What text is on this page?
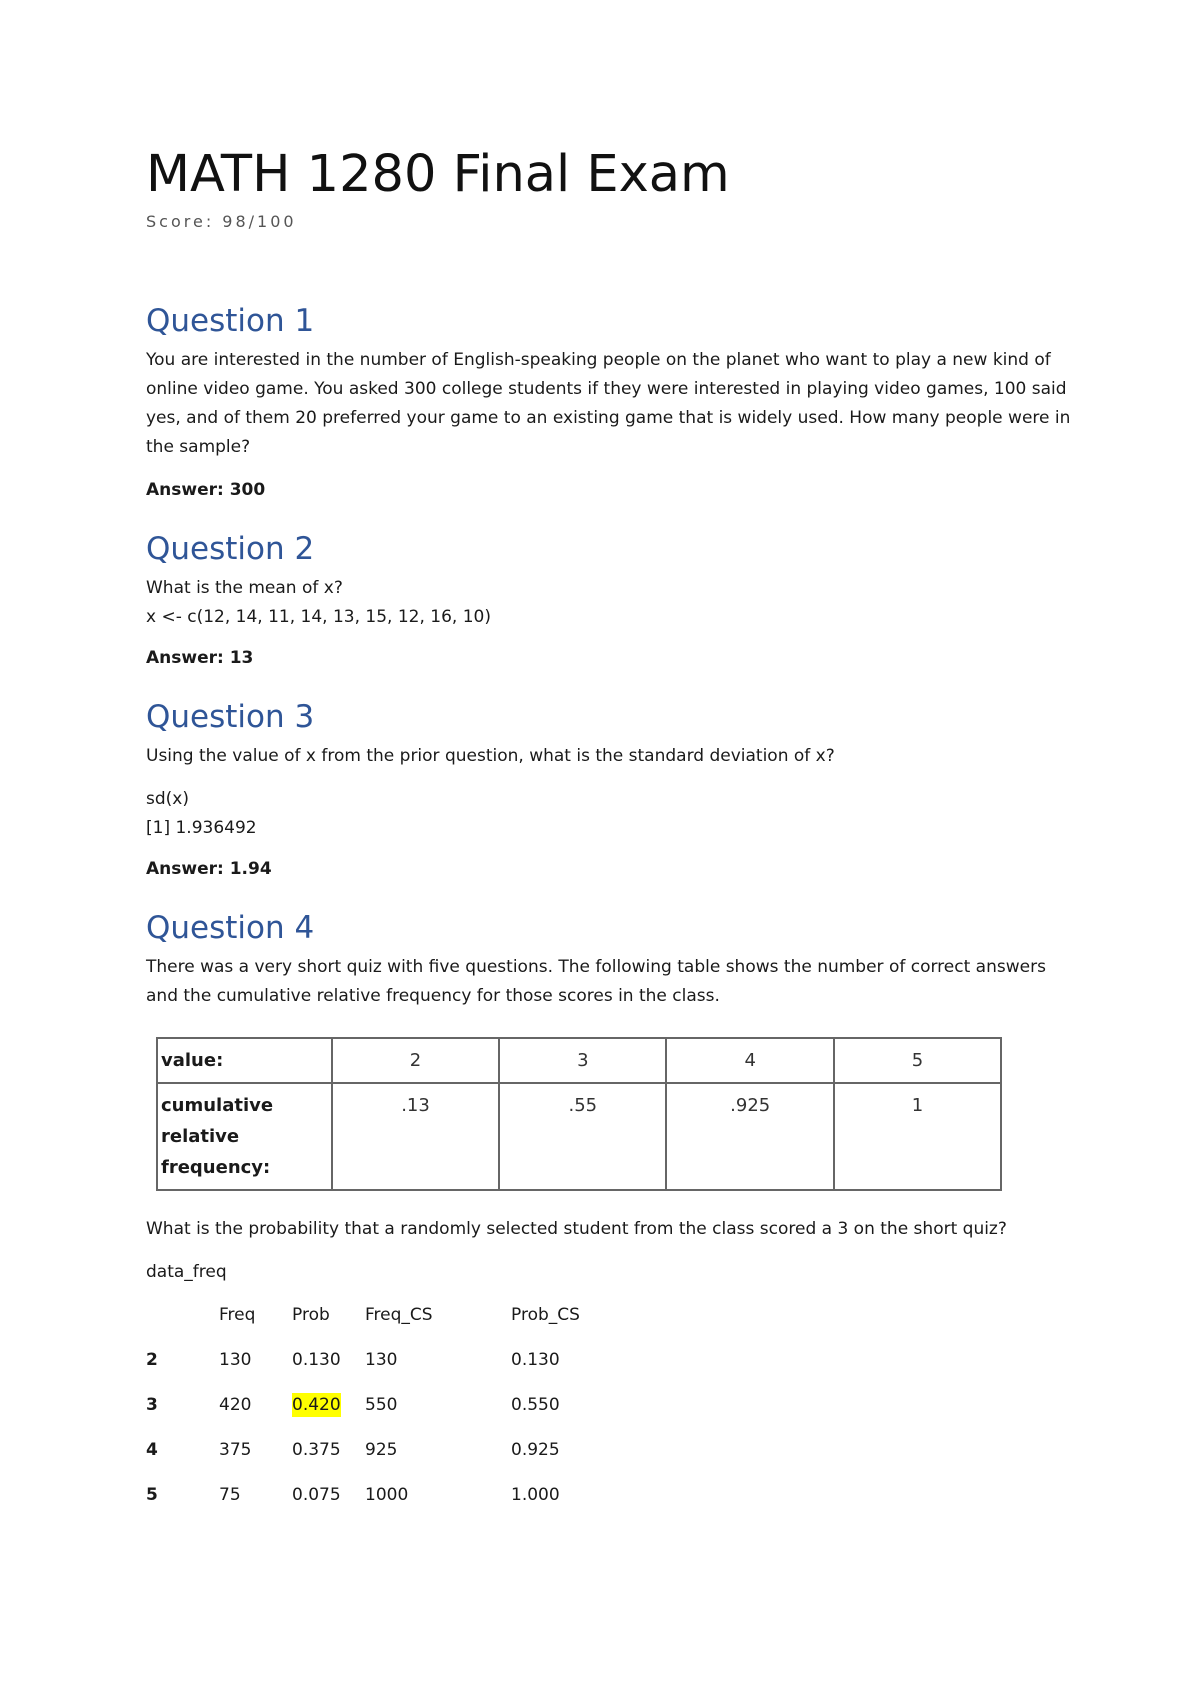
MATH 1280 Final Exam
Score: 98/100
Question 1

You are interested in the number of English-speaking people on the planet who want to play a new kind of online video game. You asked 300 college students if they were interested in playing video games, 100 said yes, and of them 20 preferred your game to an existing game that is widely used. How many people were in the sample?

Answer: 300

Question 2

What is the mean of x?

x <- c(12, 14, 11, 14, 13, 15, 12, 16, 10)

Answer: 13

Question 3

Using the value of x from the prior question, what is the standard deviation of x?

sd(x)

[1] 1.936492

Answer: 1.94

Question 4

There was a very short quiz with five questions. The following table shows the number of correct answers and the cumulative relative frequency for those scores in the class.

value:	2	3	4	5
cumulative relative frequency:	.13	.55	.925	1

What is the probability that a randomly selected student from the class scored a 3 on the short quiz?

data_freq

Freq Prob Freq_CS	Prob_CS
2	130 0.130 130	0.130
3	420 0.420 550	0.550
4	375 0.375 925	0.925
5	75	0.075 1000	1.000
